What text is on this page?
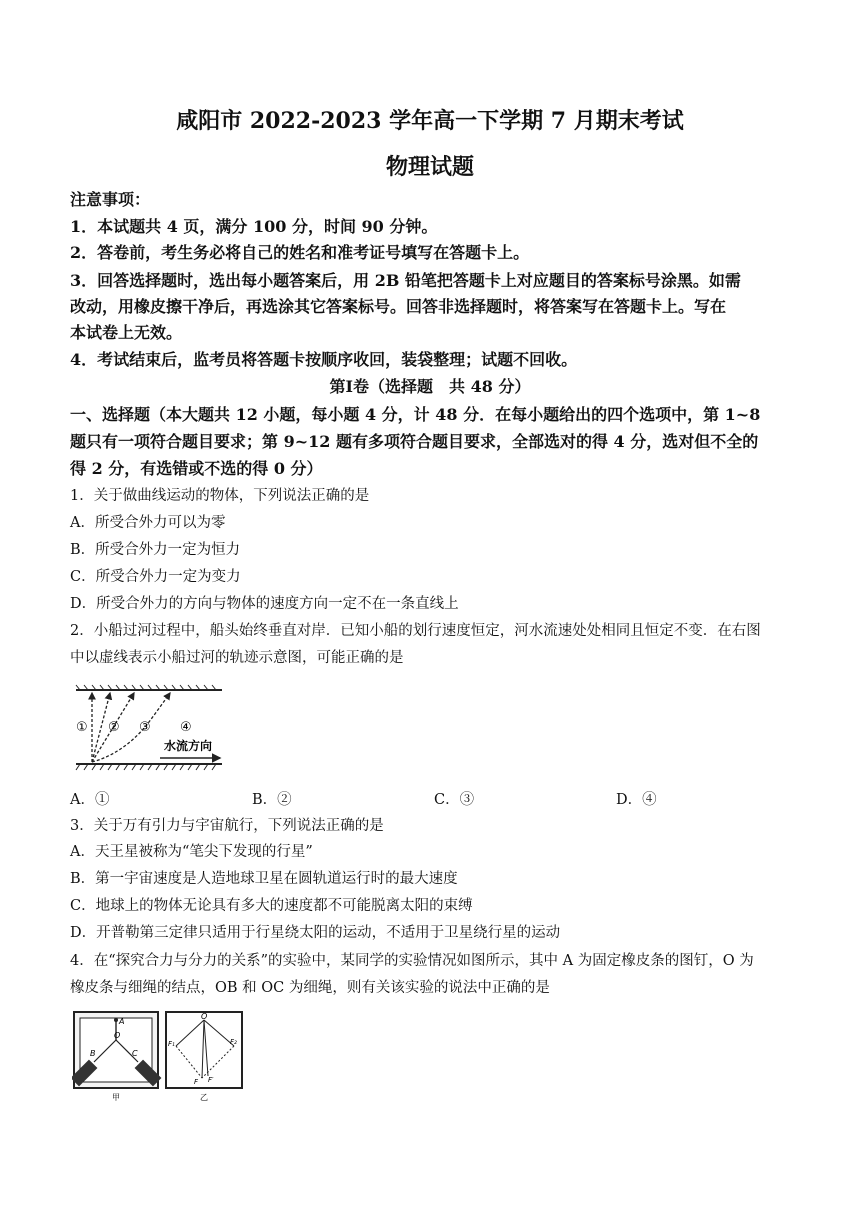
咸阳市 2022-2023 学年高一下学期 7 月期末考试
物理试题
注意事项：
1．本试题共 4 页，满分 100 分，时间 90 分钟。
2．答卷前，考生务必将自己的姓名和准考证号填写在答题卡上。
3．回答选择题时，选出每小题答案后，用 2B 铅笔把答题卡上对应题目的答案标号涂黑。如需
改动，用橡皮擦干净后，再选涂其它答案标号。回答非选择题时，将答案写在答题卡上。写在
本试卷上无效。
4．考试结束后，监考员将答题卡按顺序收回，装袋整理；试题不回收。
第Ⅰ卷（选择题　共 48 分）
一、选择题（本大题共 12 小题，每小题 4 分，计 48 分．在每小题给出的四个选项中，第 1~8
题只有一项符合题目要求；第 9~12 题有多项符合题目要求，全部选对的得 4 分，选对但不全的
得 2 分，有选错或不选的得 0 分）
1．关于做曲线运动的物体，下列说法正确的是
A．所受合外力可以为零
B．所受合外力一定为恒力
C．所受合外力一定为变力
D．所受合外力的方向与物体的速度方向一定不在一条直线上
2．小船过河过程中，船头始终垂直对岸．已知小船的划行速度恒定，河水流速处处相同且恒定不变．在右图
中以虚线表示小船过河的轨迹示意图，可能正确的是
① ② ③ ④
水流方向
A．①	B．②	C．③	D．④
3．关于万有引力与宇宙航行，下列说法正确的是
A．天王星被称为“笔尖下发现的行星”
B．第一宇宙速度是人造地球卫星在圆轨道运行时的最大速度
C．地球上的物体无论具有多大的速度都不可能脱离太阳的束缚
D．开普勒第三定律只适用于行星绕太阳的运动，不适用于卫星绕行星的运动
4．在“探究合力与分力的关系”的实验中，某同学的实验情况如图所示，其中 A 为固定橡皮条的图钉，O 为
橡皮条与细绳的结点，OB 和 OC 为细绳，则有关该实验的说法中正确的是
A
O
B	C
甲
O
F₁	F₂
F F′
乙
